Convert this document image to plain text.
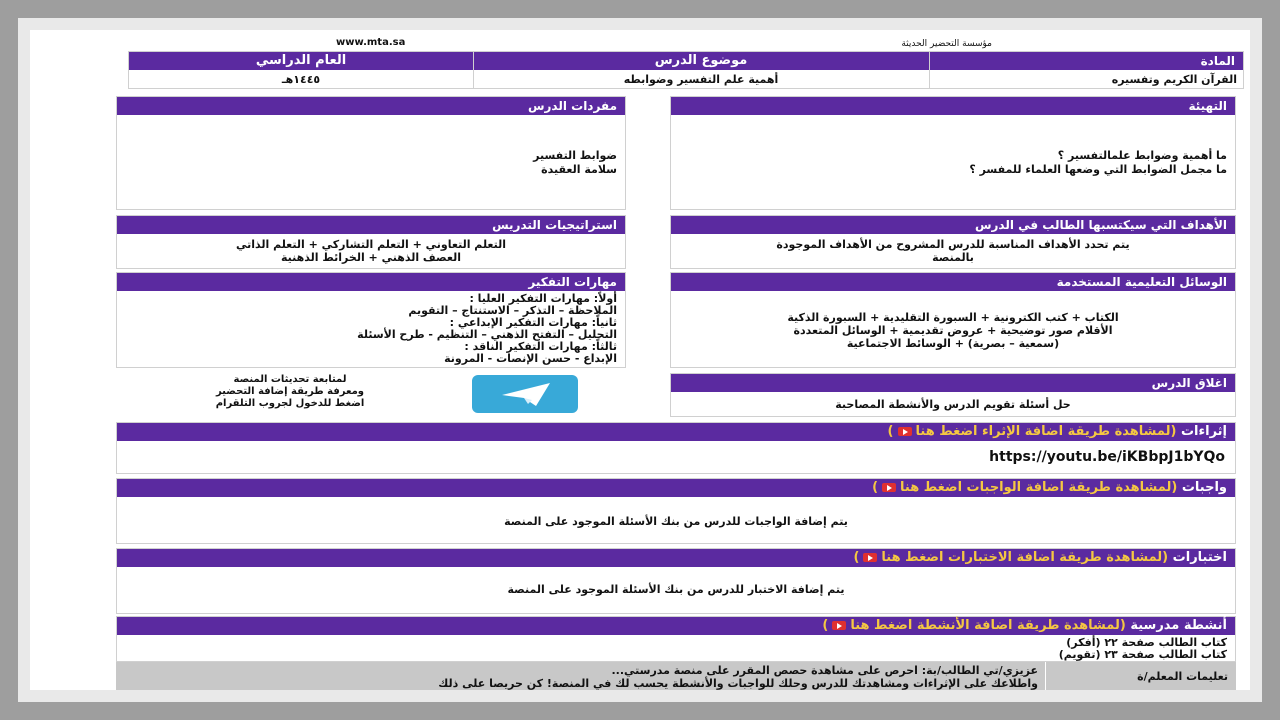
مؤسسة التحضير الحديثة
www.mta.sa
المادة
القرآن الكريم وتفسيره
موضوع الدرس
أهمية علم التفسير وضوابطه
العام الدراسي
١٤٤٥هـ
التهيئة
ما أهمية وضوابط علمالتفسير ؟
ما مجمل الضوابط التي وضعها العلماء للمفسر ؟
مفردات الدرس
ضوابط التفسير
سلامة العقيدة
الأهداف التي سيكتسبها الطالب في الدرس
يتم تحدد الأهداف المناسبة للدرس المشروح من الأهداف الموجودة
بالمنصة
استراتيجيات التدريس
التعلم التعاوني + التعلم التشاركي + التعلم الذاتي
العصف الذهني + الخرائط الذهنية
الوسائل التعليمية المستخدمة
الكتاب + كتب الكترونية + السبورة التقليدية + السبورة الذكية
الأقلام صور توضيحية + عروض تقديمية + الوسائل المتعددة
(سمعية – بصرية) + الوسائط الاجتماعية
مهارات التفكير
أولاً: مهارات التفكير العليا :
الملاحظة – التذكر – الاستنتاج – التقويم
ثانياً: مهارات التفكير الإبداعي :
التحليل – التفتح الذهني – التنظيم - طرح الأسئلة
ثالثاً: مهارات التفكير الناقد :
الإبداع - حسن الإنصات - المرونة
اغلاق الدرس
حل أسئلة تقويم الدرس والأنشطة المصاحبة
لمتابعة تحديثات المنصة
ومعرفة طريقة إضافة التحضير
اضغط للدخول لجروب التلقرام
إثراءات (لمشاهدة طريقة اضافة الإثراء اضغط هنا)
https://youtu.be/iKBbpJ1bYQo
واجبات (لمشاهدة طريقة اضافة الواجبات اضغط هنا)
يتم إضافة الواجبات للدرس من بنك الأسئلة الموجود على المنصة
اختبارات (لمشاهدة طريقة اضافة الاختبارات اضغط هنا)
يتم إضافة الاختبار للدرس من بنك الأسئلة الموجود على المنصة
أنشطة مدرسية (لمشاهدة طريقة اضافة الأنشطة اضغط هنا)
كتاب الطالب صفحة ٢٢ (أفكر)
كتاب الطالب صفحة ٢٣ (تقويم)
تعليمات المعلم/ة
عزيزي/تي الطالب/بة: احرص على مشاهدة حصص المقرر على منصة مدرستي...
واطلاعك على الإثراءات ومشاهدتك للدرس وحلك للواجبات والأنشطة يحسب لك في المنصة! كن حريصا على ذلك
